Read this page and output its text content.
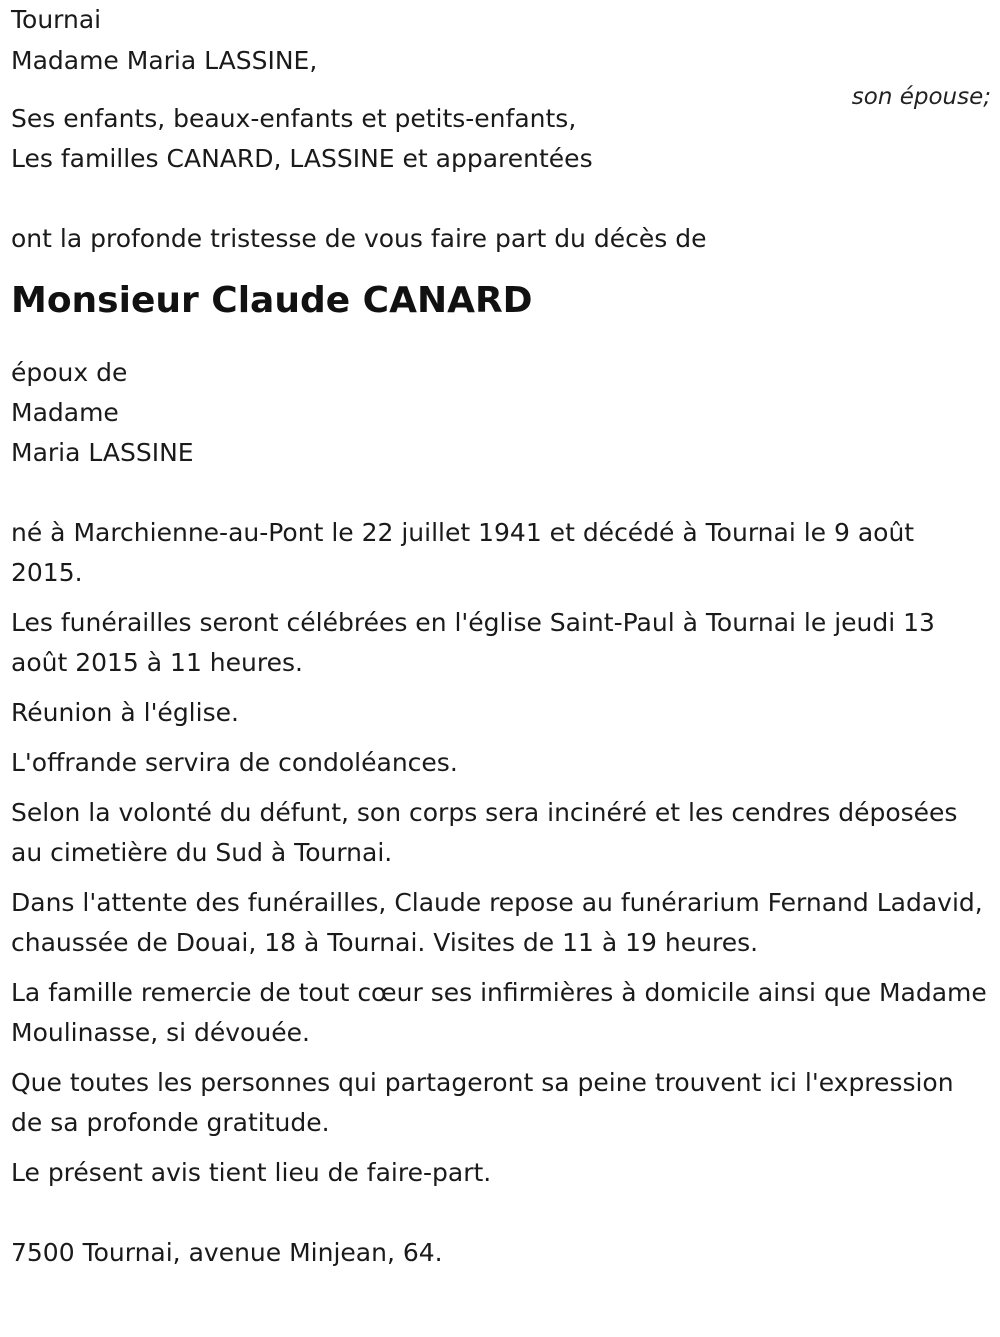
Tournai
Madame Maria LASSINE,
son épouse;
Ses enfants, beaux-enfants et petits-enfants,
Les familles CANARD, LASSINE et apparentées
ont la profonde tristesse de vous faire part du décès de
Monsieur Claude CANARD
époux de
Madame
Maria LASSINE
né à Marchienne-au-Pont le 22 juillet 1941 et décédé à Tournai le 9 août 2015.
Les funérailles seront célébrées en l'église Saint-Paul à Tournai le jeudi 13 août 2015 à 11 heures.
Réunion à l'église.
L'offrande servira de condoléances.
Selon la volonté du défunt, son corps sera incinéré et les cendres déposées au cimetière du Sud à Tournai.
Dans l'attente des funérailles, Claude repose au funérarium Fernand Ladavid, chaussée de Douai, 18 à Tournai. Visites de 11 à 19 heures.
La famille remercie de tout cœur ses infirmières à domicile ainsi que Madame Moulinasse, si dévouée.
Que toutes les personnes qui partageront sa peine trouvent ici l'expression de sa profonde gratitude.
Le présent avis tient lieu de faire-part.
7500 Tournai, avenue Minjean, 64.
